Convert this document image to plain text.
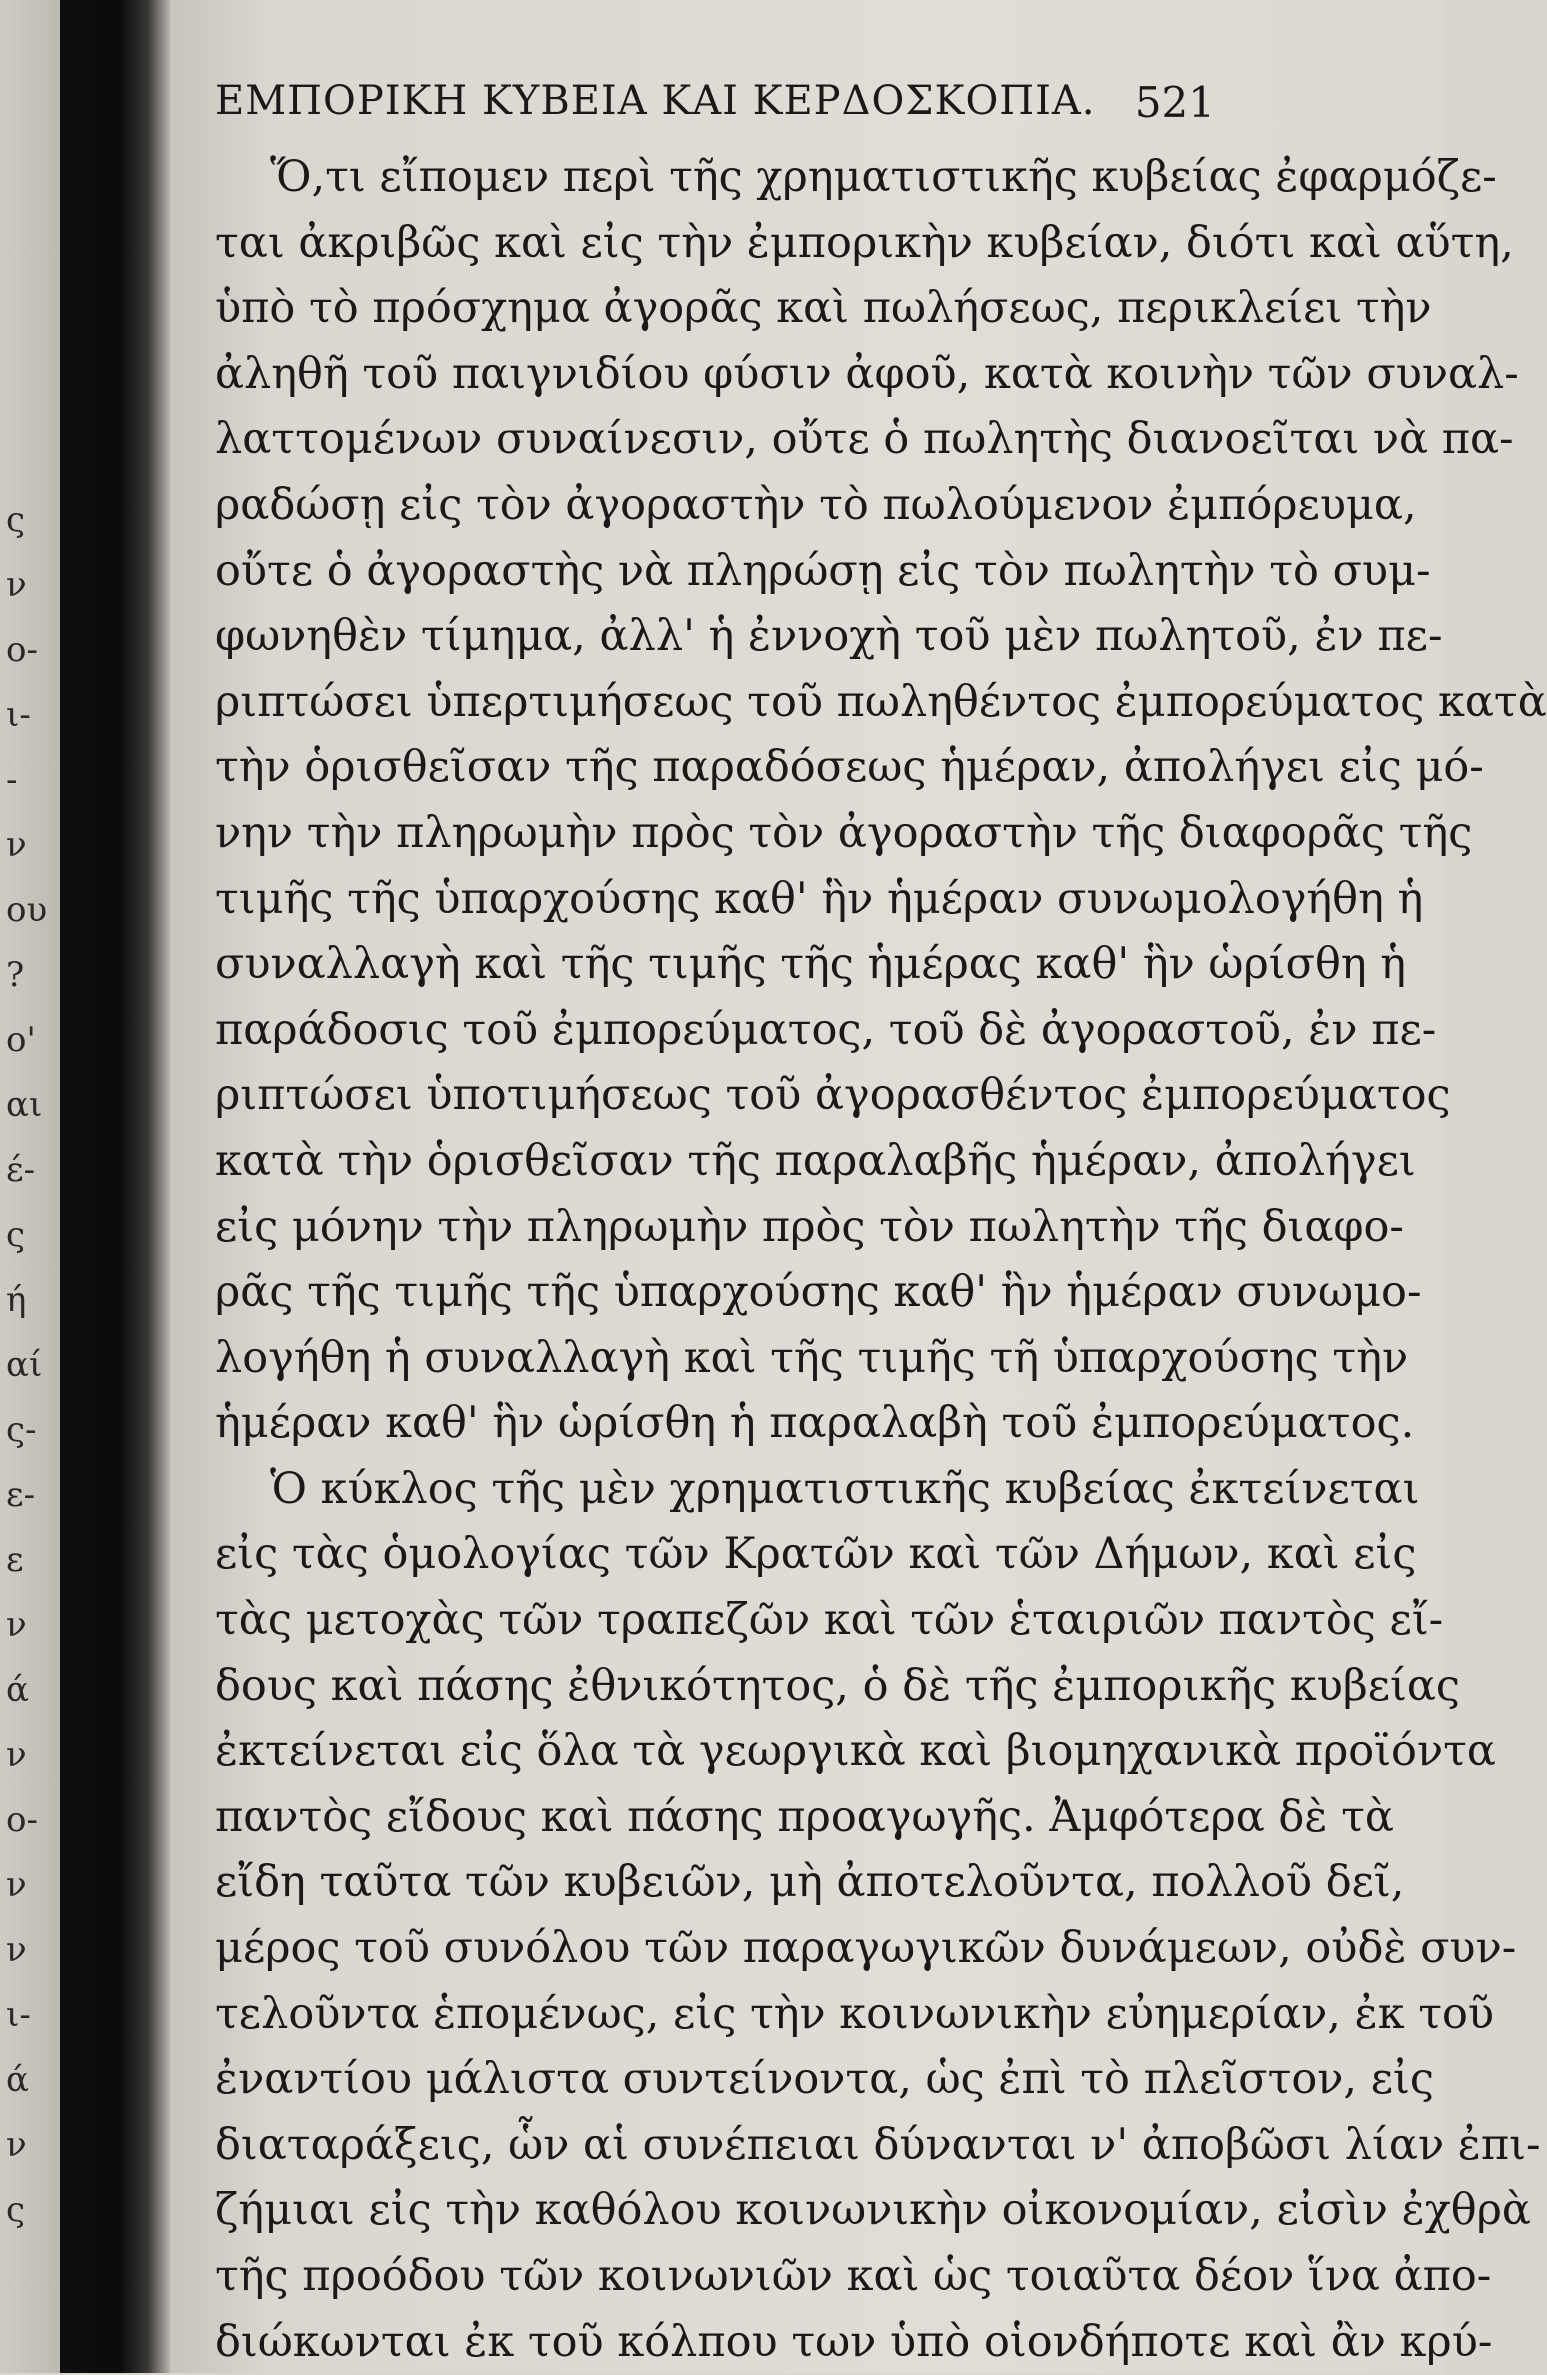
ς
ν
ο-
ι-
-
ν
ου
?
ο'
αι
έ-
ς
ή
αί
ς-
ε-
ε
ν
ά
ν
ο-
ν
ν
ι-
ά
ν
ς
ΕΜΠΟΡΙΚΗ ΚΥΒΕΙΑ ΚΑΙ ΚΕΡΔΟΣΚΟΠΙΑ. 521
Ὅ,τι εἴπομεν περὶ τῆς χρηματιστικῆς κυβείας ἐφαρμόζε-
ται ἀκριβῶς καὶ εἰς τὴν ἐμπορικὴν κυβείαν, διότι καὶ αὕτη,
ὑπὸ τὸ πρόσχημα ἀγορᾶς καὶ πωλήσεως, περικλείει τὴν
ἀληθῆ τοῦ παιγνιδίου φύσιν ἀφοῦ, κατὰ κοινὴν τῶν συναλ-
λαττομένων συναίνεσιν, οὔτε ὁ πωλητὴς διανοεῖται νὰ πα-
ραδώσῃ εἰς τὸν ἀγοραστὴν τὸ πωλούμενον ἐμπόρευμα,
οὔτε ὁ ἀγοραστὴς νὰ πληρώσῃ εἰς τὸν πωλητὴν τὸ συμ-
φωνηθὲν τίμημα, ἀλλ' ἡ ἐννοχὴ τοῦ μὲν πωλητοῦ, ἐν πε-
ριπτώσει ὑπερτιμήσεως τοῦ πωληθέντος ἐμπορεύματος κατὰ
τὴν ὁρισθεῖσαν τῆς παραδόσεως ἡμέραν, ἀπολήγει εἰς μό-
νην τὴν πληρωμὴν πρὸς τὸν ἀγοραστὴν τῆς διαφορᾶς τῆς
τιμῆς τῆς ὑπαρχούσης καθ' ἣν ἡμέραν συνωμολογήθη ἡ
συναλλαγὴ καὶ τῆς τιμῆς τῆς ἡμέρας καθ' ἣν ὡρίσθη ἡ
παράδοσις τοῦ ἐμπορεύματος, τοῦ δὲ ἀγοραστοῦ, ἐν πε-
ριπτώσει ὑποτιμήσεως τοῦ ἀγορασθέντος ἐμπορεύματος
κατὰ τὴν ὁρισθεῖσαν τῆς παραλαβῆς ἡμέραν, ἀπολήγει
εἰς μόνην τὴν πληρωμὴν πρὸς τὸν πωλητὴν τῆς διαφο-
ρᾶς τῆς τιμῆς τῆς ὑπαρχούσης καθ' ἣν ἡμέραν συνωμο-
λογήθη ἡ συναλλαγὴ καὶ τῆς τιμῆς τῆ ὑπαρχούσης τὴν
ἡμέραν καθ' ἣν ὡρίσθη ἡ παραλαβὴ τοῦ ἐμπορεύματος.
Ὁ κύκλος τῆς μὲν χρηματιστικῆς κυβείας ἐκτείνεται
εἰς τὰς ὁμολογίας τῶν Κρατῶν καὶ τῶν Δήμων, καὶ εἰς
τὰς μετοχὰς τῶν τραπεζῶν καὶ τῶν ἑταιριῶν παντὸς εἴ-
δους καὶ πάσης ἐθνικότητος, ὁ δὲ τῆς ἐμπορικῆς κυβείας
ἐκτείνεται εἰς ὅλα τὰ γεωργικὰ καὶ βιομηχανικὰ προϊόντα
παντὸς εἴδους καὶ πάσης προαγωγῆς. Ἀμφότερα δὲ τὰ
εἴδη ταῦτα τῶν κυβειῶν, μὴ ἀποτελοῦντα, πολλοῦ δεῖ,
μέρος τοῦ συνόλου τῶν παραγωγικῶν δυνάμεων, οὐδὲ συν-
τελοῦντα ἑπομένως, εἰς τὴν κοινωνικὴν εὐημερίαν, ἐκ τοῦ
ἐναντίου μάλιστα συντείνοντα, ὡς ἐπὶ τὸ πλεῖστον, εἰς
διαταράξεις, ὧν αἱ συνέπειαι δύνανται ν' ἀποβῶσι λίαν ἐπι-
ζήμιαι εἰς τὴν καθόλου κοινωνικὴν οἰκονομίαν, εἰσὶν ἐχθρὰ
τῆς προόδου τῶν κοινωνιῶν καὶ ὡς τοιαῦτα δέον ἵνα ἀπο-
διώκωνται ἐκ τοῦ κόλπου των ὑπὸ οἱονδήποτε καὶ ἂν κρύ-
